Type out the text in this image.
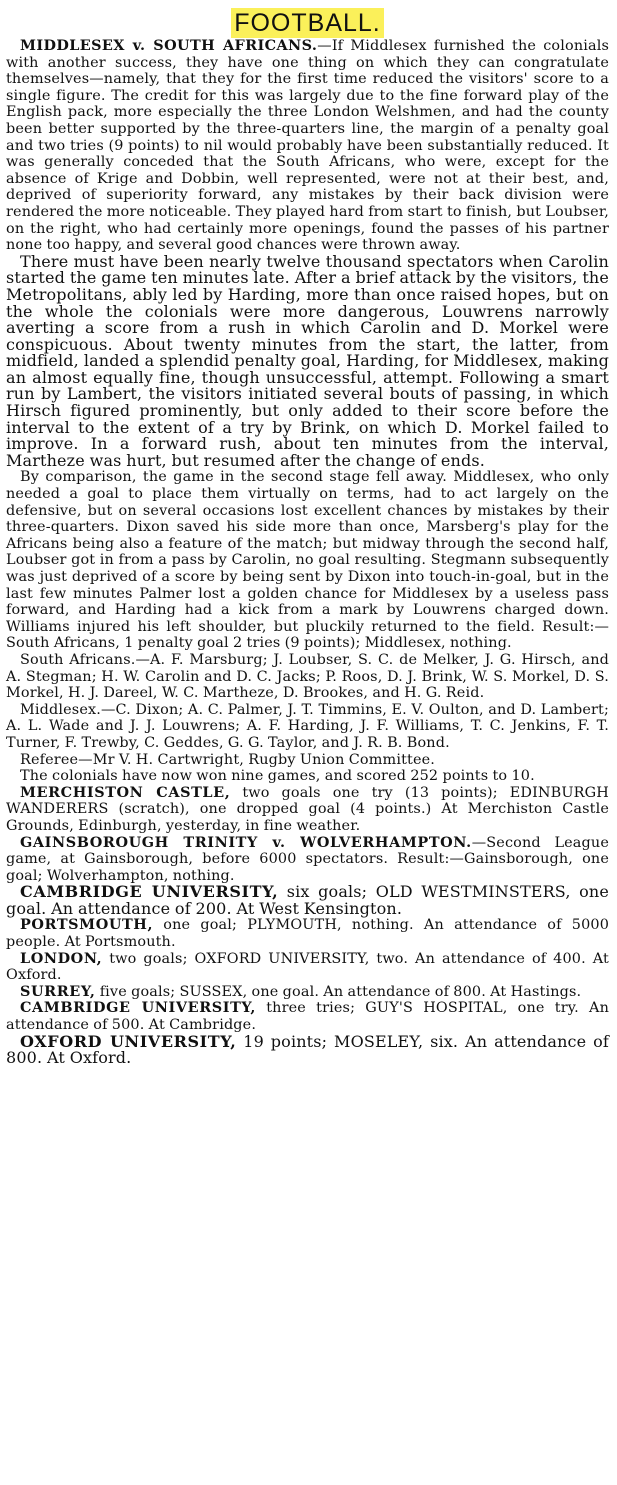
FOOTBALL.

MIDDLESEX v. SOUTH AFRICANS.—If Middlesex furnished the colonials with another success, they have one thing on which they can congratulate themselves—namely, that they for the first time reduced the visitors' score to a single figure. The credit for this was largely due to the fine forward play of the English pack, more especially the three London Welshmen, and had the county been better supported by the three-quarters line, the margin of a penalty goal and two tries (9 points) to nil would probably have been substantially reduced. It was generally conceded that the South Africans, who were, except for the absence of Krige and Dobbin, well represented, were not at their best, and, deprived of superiority forward, any mistakes by their back division were rendered the more noticeable. They played hard from start to finish, but Loubser, on the right, who had certainly more openings, found the passes of his partner none too happy, and several good chances were thrown away.

There must have been nearly twelve thousand spectators when Carolin started the game ten minutes late. After a brief attack by the visitors, the Metropolitans, ably led by Harding, more than once raised hopes, but on the whole the colonials were more dangerous, Louwrens narrowly averting a score from a rush in which Carolin and D. Morkel were conspicuous. About twenty minutes from the start, the latter, from midfield, landed a splendid penalty goal, Harding, for Middlesex, making an almost equally fine, though unsuccessful, attempt. Following a smart run by Lambert, the visitors initiated several bouts of passing, in which Hirsch figured prominently, but only added to their score before the interval to the extent of a try by Brink, on which D. Morkel failed to improve. In a forward rush, about ten minutes from the interval, Martheze was hurt, but resumed after the change of ends.

By comparison, the game in the second stage fell away. Middlesex, who only needed a goal to place them virtually on terms, had to act largely on the defensive, but on several occasions lost excellent chances by mistakes by their three-quarters. Dixon saved his side more than once, Marsberg's play for the Africans being also a feature of the match; but midway through the second half, Loubser got in from a pass by Carolin, no goal resulting. Stegmann subsequently was just deprived of a score by being sent by Dixon into touch-in-goal, but in the last few minutes Palmer lost a golden chance for Middlesex by a useless pass forward, and Harding had a kick from a mark by Louwrens charged down. Williams injured his left shoulder, but pluckily returned to the field. Result:—South Africans, 1 penalty goal 2 tries (9 points); Middlesex, nothing.

South Africans.—A. F. Marsburg; J. Loubser, S. C. de Melker, J. G. Hirsch, and A. Stegman; H. W. Carolin and D. C. Jacks; P. Roos, D. J. Brink, W. S. Morkel, D. S. Morkel, H. J. Dareel, W. C. Martheze, D. Brookes, and H. G. Reid.

Middlesex.—C. Dixon; A. C. Palmer, J. T. Timmins, E. V. Oulton, and D. Lambert; A. L. Wade and J. J. Louwrens; A. F. Harding, J. F. Williams, T. C. Jenkins, F. T. Turner, F. Trewby, C. Geddes, G. G. Taylor, and J. R. B. Bond.

Referee—Mr V. H. Cartwright, Rugby Union Committee.

The colonials have now won nine games, and scored 252 points to 10.

MERCHISTON CASTLE, two goals one try (13 points); EDINBURGH WANDERERS (scratch), one dropped goal (4 points.) At Merchiston Castle Grounds, Edinburgh, yesterday, in fine weather.

GAINSBOROUGH TRINITY v. WOLVERHAMPTON.—Second League game, at Gainsborough, before 6000 spectators. Result:—Gainsborough, one goal; Wolverhampton, nothing.

CAMBRIDGE UNIVERSITY, six goals; OLD WESTMINSTERS, one goal. An attendance of 200. At West Kensington.

PORTSMOUTH, one goal; PLYMOUTH, nothing. An attendance of 5000 people. At Portsmouth.

LONDON, two goals; OXFORD UNIVERSITY, two. An attendance of 400. At Oxford.

SURREY, five goals; SUSSEX, one goal. An attendance of 800. At Hastings.

CAMBRIDGE UNIVERSITY, three tries; GUY'S HOSPITAL, one try. An attendance of 500. At Cambridge.

OXFORD UNIVERSITY, 19 points; MOSELEY, six. An attendance of 800. At Oxford.
